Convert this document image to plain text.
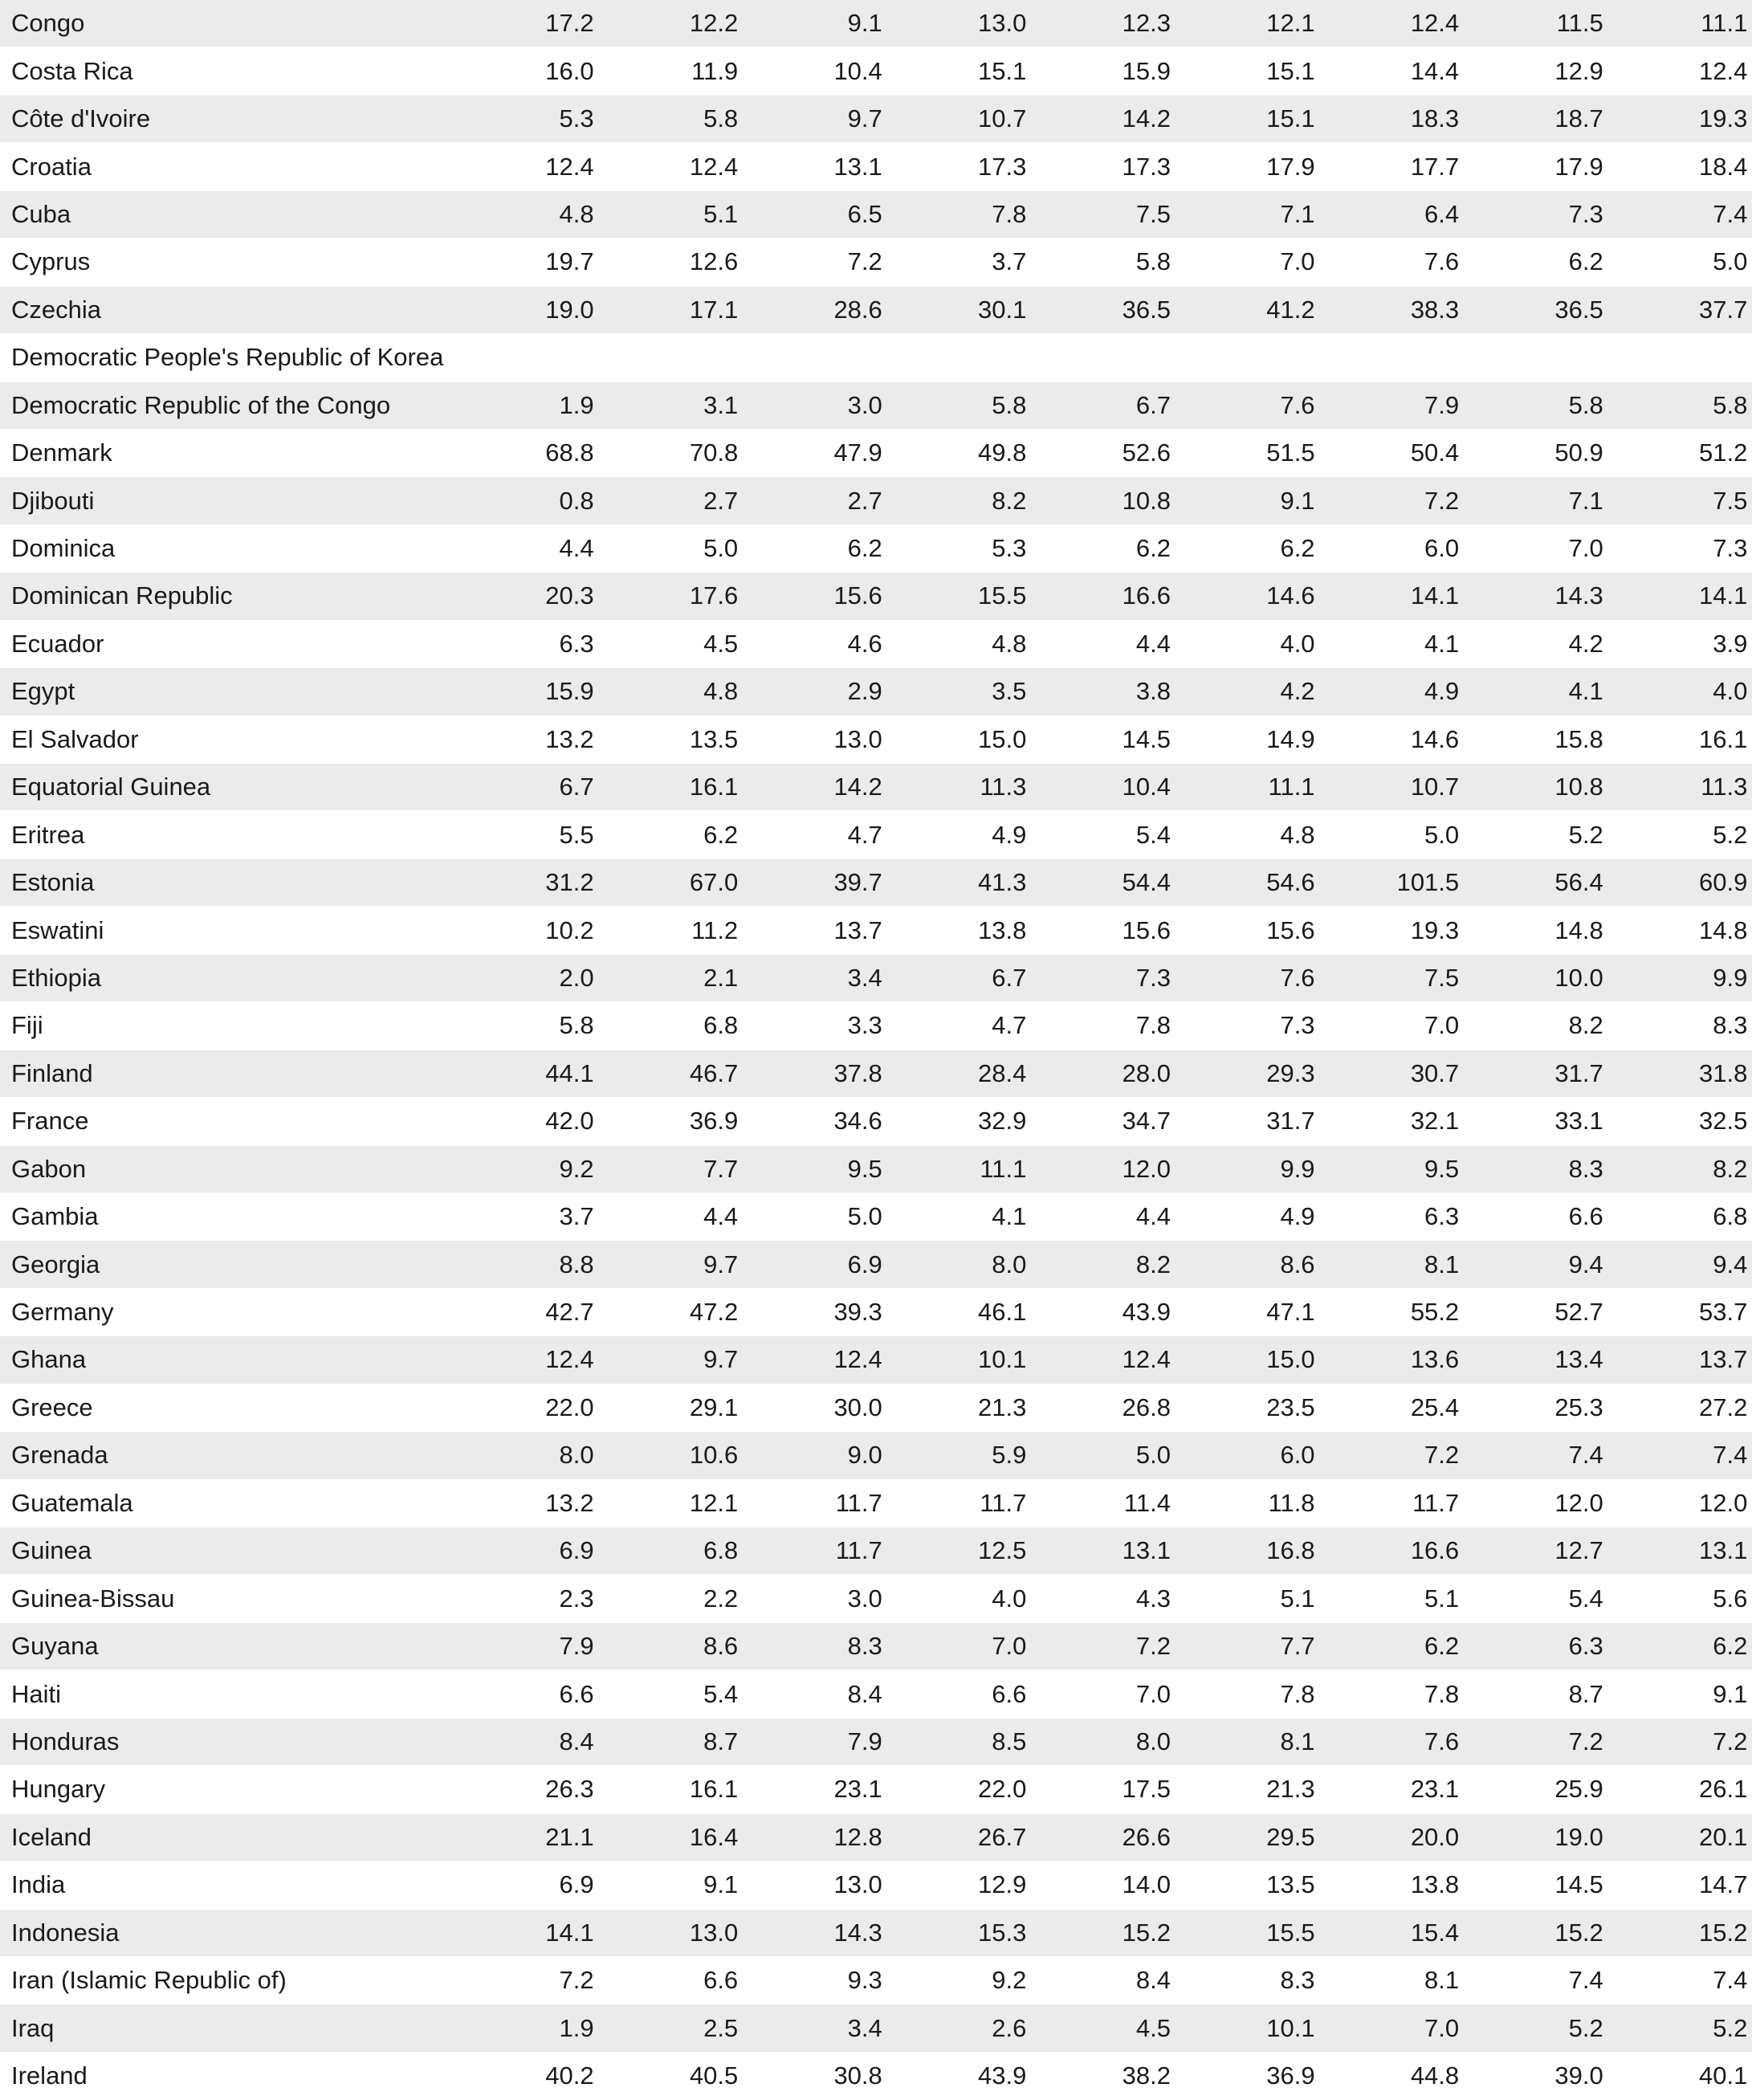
Congo	17.2	12.2	9.1	13.0	12.3	12.1	12.4	11.5	11.1
Costa Rica	16.0	11.9	10.4	15.1	15.9	15.1	14.4	12.9	12.4
Côte d'Ivoire	5.3	5.8	9.7	10.7	14.2	15.1	18.3	18.7	19.3
Croatia	12.4	12.4	13.1	17.3	17.3	17.9	17.7	17.9	18.4
Cuba	4.8	5.1	6.5	7.8	7.5	7.1	6.4	7.3	7.4
Cyprus	19.7	12.6	7.2	3.7	5.8	7.0	7.6	6.2	5.0
Czechia	19.0	17.1	28.6	30.1	36.5	41.2	38.3	36.5	37.7
Democratic People's Republic of Korea
Democratic Republic of the Congo	1.9	3.1	3.0	5.8	6.7	7.6	7.9	5.8	5.8
Denmark	68.8	70.8	47.9	49.8	52.6	51.5	50.4	50.9	51.2
Djibouti	0.8	2.7	2.7	8.2	10.8	9.1	7.2	7.1	7.5
Dominica	4.4	5.0	6.2	5.3	6.2	6.2	6.0	7.0	7.3
Dominican Republic	20.3	17.6	15.6	15.5	16.6	14.6	14.1	14.3	14.1
Ecuador	6.3	4.5	4.6	4.8	4.4	4.0	4.1	4.2	3.9
Egypt	15.9	4.8	2.9	3.5	3.8	4.2	4.9	4.1	4.0
El Salvador	13.2	13.5	13.0	15.0	14.5	14.9	14.6	15.8	16.1
Equatorial Guinea	6.7	16.1	14.2	11.3	10.4	11.1	10.7	10.8	11.3
Eritrea	5.5	6.2	4.7	4.9	5.4	4.8	5.0	5.2	5.2
Estonia	31.2	67.0	39.7	41.3	54.4	54.6	101.5	56.4	60.9
Eswatini	10.2	11.2	13.7	13.8	15.6	15.6	19.3	14.8	14.8
Ethiopia	2.0	2.1	3.4	6.7	7.3	7.6	7.5	10.0	9.9
Fiji	5.8	6.8	3.3	4.7	7.8	7.3	7.0	8.2	8.3
Finland	44.1	46.7	37.8	28.4	28.0	29.3	30.7	31.7	31.8
France	42.0	36.9	34.6	32.9	34.7	31.7	32.1	33.1	32.5
Gabon	9.2	7.7	9.5	11.1	12.0	9.9	9.5	8.3	8.2
Gambia	3.7	4.4	5.0	4.1	4.4	4.9	6.3	6.6	6.8
Georgia	8.8	9.7	6.9	8.0	8.2	8.6	8.1	9.4	9.4
Germany	42.7	47.2	39.3	46.1	43.9	47.1	55.2	52.7	53.7
Ghana	12.4	9.7	12.4	10.1	12.4	15.0	13.6	13.4	13.7
Greece	22.0	29.1	30.0	21.3	26.8	23.5	25.4	25.3	27.2
Grenada	8.0	10.6	9.0	5.9	5.0	6.0	7.2	7.4	7.4
Guatemala	13.2	12.1	11.7	11.7	11.4	11.8	11.7	12.0	12.0
Guinea	6.9	6.8	11.7	12.5	13.1	16.8	16.6	12.7	13.1
Guinea-Bissau	2.3	2.2	3.0	4.0	4.3	5.1	5.1	5.4	5.6
Guyana	7.9	8.6	8.3	7.0	7.2	7.7	6.2	6.3	6.2
Haiti	6.6	5.4	8.4	6.6	7.0	7.8	7.8	8.7	9.1
Honduras	8.4	8.7	7.9	8.5	8.0	8.1	7.6	7.2	7.2
Hungary	26.3	16.1	23.1	22.0	17.5	21.3	23.1	25.9	26.1
Iceland	21.1	16.4	12.8	26.7	26.6	29.5	20.0	19.0	20.1
India	6.9	9.1	13.0	12.9	14.0	13.5	13.8	14.5	14.7
Indonesia	14.1	13.0	14.3	15.3	15.2	15.5	15.4	15.2	15.2
Iran (Islamic Republic of)	7.2	6.6	9.3	9.2	8.4	8.3	8.1	7.4	7.4
Iraq	1.9	2.5	3.4	2.6	4.5	10.1	7.0	5.2	5.2
Ireland	40.2	40.5	30.8	43.9	38.2	36.9	44.8	39.0	40.1
